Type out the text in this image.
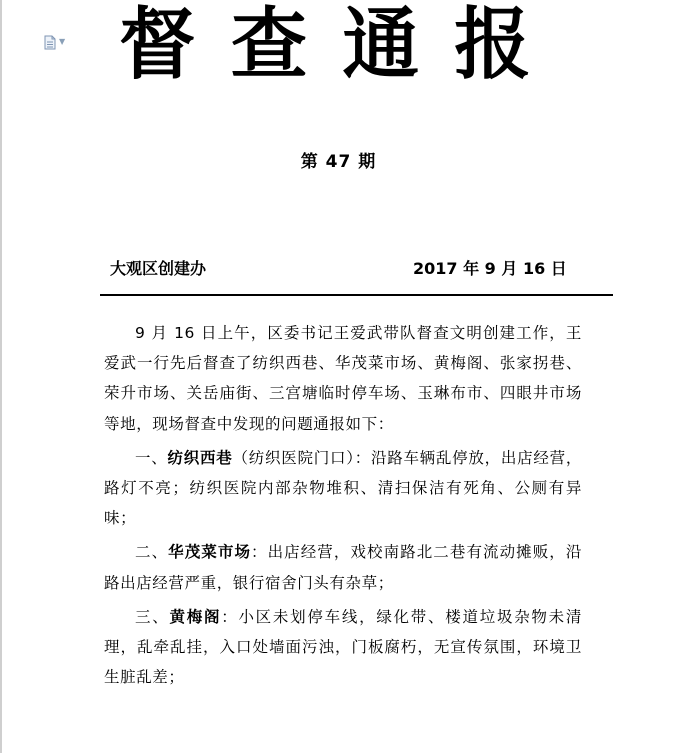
▼ 督查通报
第 47 期
大观区创建办	2017 年 9 月 16 日

9 月 16 日上午，区委书记王爱武带队督查文明创建工作，王爱武一行先后督查了纺织西巷、华茂菜市场、黄梅阁、张家拐巷、荣升市场、关岳庙街、三宫塘临时停车场、玉琳布市、四眼井市场等地，现场督查中发现的问题通报如下：

一、纺织西巷（纺织医院门口）：沿路车辆乱停放，出店经营，路灯不亮；纺织医院内部杂物堆积、清扫保洁有死角、公厕有异味；

二、华茂菜市场：出店经营，戏校南路北二巷有流动摊贩，沿路出店经营严重，银行宿舍门头有杂草；

三、黄梅阁：小区未划停车线，绿化带、楼道垃圾杂物未清理，乱牵乱挂，入口处墙面污浊，门板腐朽，无宣传氛围，环境卫生脏乱差；
